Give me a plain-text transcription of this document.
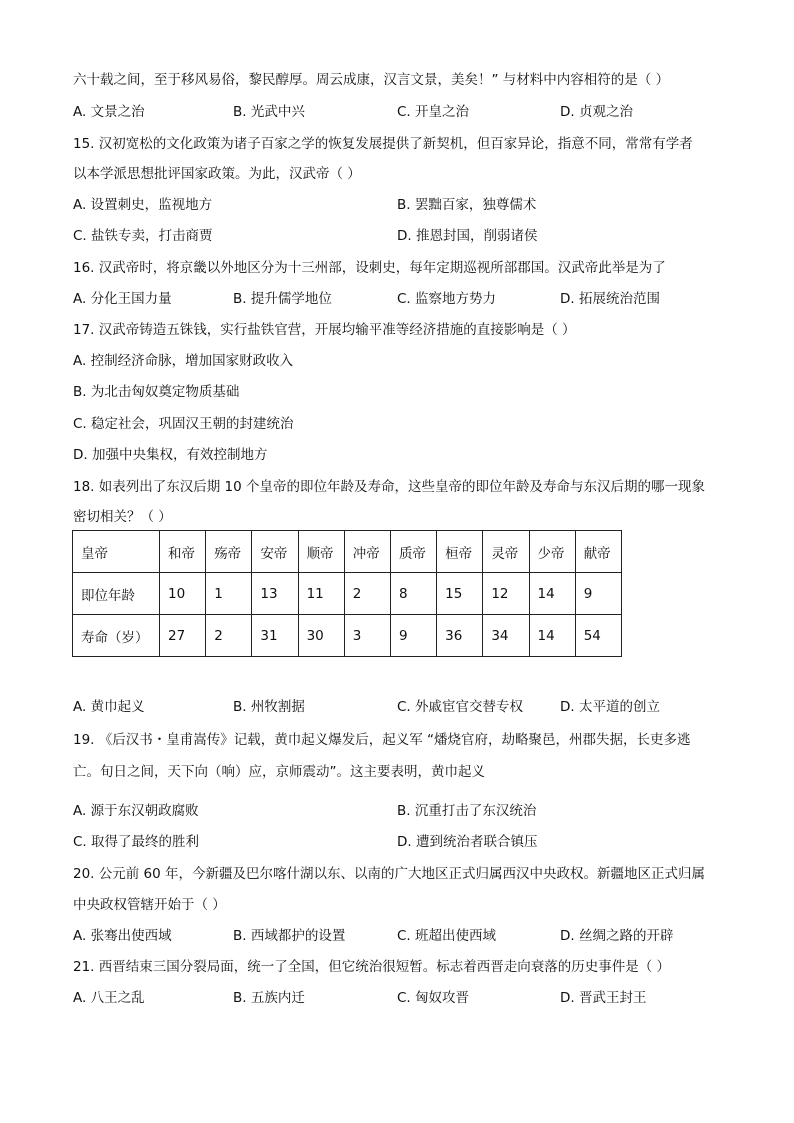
六十载之间，至于移风易俗，黎民醇厚。周云成康，汉言文景，美矣！” 与材料中内容相符的是（ ）
A. 文景之治	B. 光武中兴	C. 开皇之治	D. 贞观之治
15. 汉初宽松的文化政策为诸子百家之学的恢复发展提供了新契机，但百家异论，指意不同，常常有学者
以本学派思想批评国家政策。为此，汉武帝（ ）
A. 设置刺史，监视地方	B. 罢黜百家，独尊儒术
C. 盐铁专卖，打击商贾	D. 推恩封国，削弱诸侯
16. 汉武帝时，将京畿以外地区分为十三州部，设刺史，每年定期巡视所部郡国。汉武帝此举是为了
A. 分化王国力量	B. 提升儒学地位	C. 监察地方势力	D. 拓展统治范围
17. 汉武帝铸造五铢钱，实行盐铁官营，开展均输平准等经济措施的直接影响是（ ）
A. 控制经济命脉，增加国家财政收入
B. 为北击匈奴奠定物质基础
C. 稳定社会，巩固汉王朝的封建统治
D. 加强中央集权，有效控制地方
18. 如表列出了东汉后期 10 个皇帝的即位年龄及寿命，这些皇帝的即位年龄及寿命与东汉后期的哪一现象
密切相关？（ ）
皇帝	和帝	殇帝	安帝	顺帝	冲帝	质帝	桓帝	灵帝	少帝	献帝
即位年龄	10	1	13	11	2	8	15	12	14	9
寿命（岁）	27	2	31	30	3	9	36	34	14	54
A. 黄巾起义	B. 州牧割据	C. 外戚宦官交替专权	D. 太平道的创立
19. 《后汉书・皇甫嵩传》记载，黄巾起义爆发后，起义军 “燔烧官府，劫略聚邑，州郡失据，长吏多逃
亡。旬日之间，天下向（响）应，京师震动”。这主要表明，黄巾起义
A. 源于东汉朝政腐败	B. 沉重打击了东汉统治
C. 取得了最终的胜利	D. 遭到统治者联合镇压
20. 公元前 60 年，今新疆及巴尔喀什湖以东、以南的广大地区正式归属西汉中央政权。新疆地区正式归属
中央政权管辖开始于（ ）
A. 张骞出使西域	B. 西域都护的设置	C. 班超出使西域	D. 丝绸之路的开辟
21. 西晋结束三国分裂局面，统一了全国，但它统治很短暂。标志着西晋走向衰落的历史事件是（ ）
A. 八王之乱	B. 五族内迁	C. 匈奴攻晋	D. 晋武王封王
